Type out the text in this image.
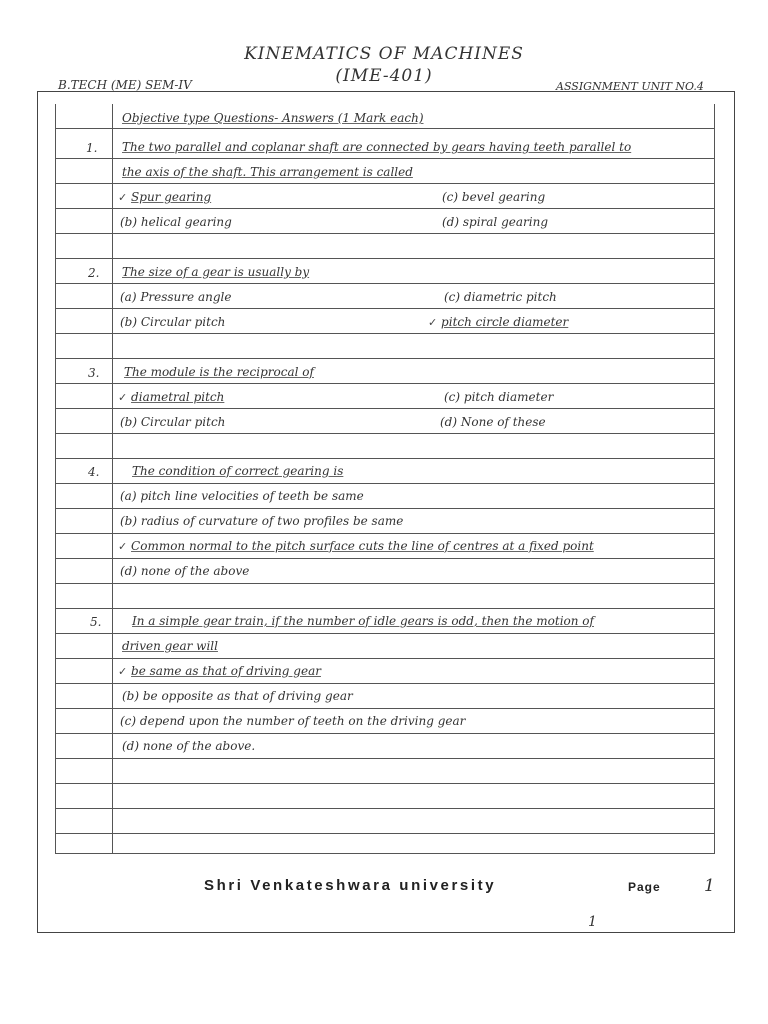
KINEMATICS OF MACHINES
(IME-401)
B.TECH (ME) SEM-IV	ASSIGNMENT UNIT NO.4
Objective type Questions- Answers (1 Mark each)
1. The two parallel and coplanar shaft are connected by gears having teeth parallel to
the axis of the shaft. This arrangement is called
✓ Spur gearing	(c) bevel gearing
(b) helical gearing	(d) spiral gearing
2. The size of a gear is usually by
(a) Pressure angle	(c) diametric pitch
(b) Circular pitch	✓ pitch circle diameter
3. The module is the reciprocal of
✓ diametral pitch	(c) pitch diameter
(b) Circular pitch	(d) None of these
4.	The condition of correct gearing is
(a) pitch line velocities of teeth be same
(b) radius of curvature of two profiles be same
✓ Common normal to the pitch surface cuts the line of centres at a fixed point
(d) none of the above
5.	In a simple gear train, if the number of idle gears is odd, then the motion of
driven gear will
✓ be same as that of driving gear
(b) be opposite as that of driving gear
(c) depend upon the number of teeth on the driving gear
(d) none of the above.
Shri Venkateshwara university	Page	1
1
